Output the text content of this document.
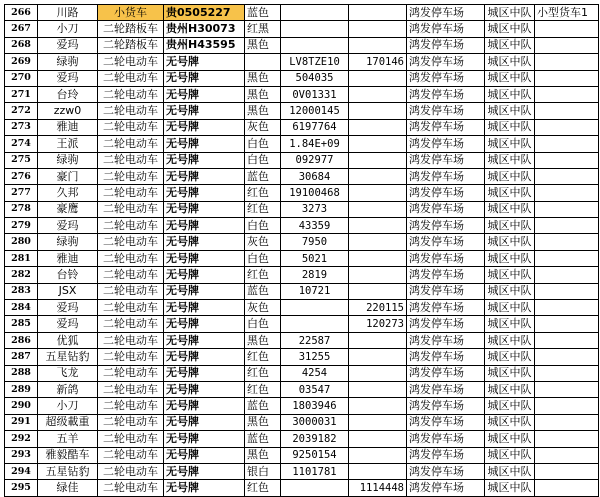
266	川路	小货车	贵0505227	蓝色			鸿发停车场	城区中队	小型货车1
267	小刀	二轮踏板车	贵州H30073	红黑			鸿发停车场	城区中队	
268	爱玛	二轮踏板车	贵州H43595	黑色			鸿发停车场	城区中队	
269	绿驹	二轮电动车	无号牌		LV8TZE10	170146	鸿发停车场	城区中队	
270	爱玛	二轮电动车	无号牌	黑色	504035		鸿发停车场	城区中队	
271	台玲	二轮电动车	无号牌	黑色	0V01331		鸿发停车场	城区中队	
272	zzw0	二轮电动车	无号牌	黑色	12000145		鸿发停车场	城区中队	
273	雅迪	二轮电动车	无号牌	灰色	6197764		鸿发停车场	城区中队	
274	王派	二轮电动车	无号牌	白色	1.84E+09		鸿发停车场	城区中队	
275	绿驹	二轮电动车	无号牌	白色	092977		鸿发停车场	城区中队	
276	豪门	二轮电动车	无号牌	蓝色	30684		鸿发停车场	城区中队	
277	久邦	二轮电动车	无号牌	红色	19100468		鸿发停车场	城区中队	
278	豪鹰	二轮电动车	无号牌	红色	3273		鸿发停车场	城区中队	
279	爱玛	二轮电动车	无号牌	白色	43359		鸿发停车场	城区中队	
280	绿驹	二轮电动车	无号牌	灰色	7950		鸿发停车场	城区中队	
281	雅迪	二轮电动车	无号牌	白色	5021		鸿发停车场	城区中队	
282	台铃	二轮电动车	无号牌	红色	2819		鸿发停车场	城区中队	
283	JSX	二轮电动车	无号牌	蓝色	10721		鸿发停车场	城区中队	
284	爱玛	二轮电动车	无号牌	灰色		220115	鸿发停车场	城区中队	
285	爱玛	二轮电动车	无号牌	白色		120273	鸿发停车场	城区中队	
286	优狐	二轮电动车	无号牌	黑色	22587		鸿发停车场	城区中队	
287	五星钻豹	二轮电动车	无号牌	红色	31255		鸿发停车场	城区中队	
288	飞龙	二轮电动车	无号牌	红色	4254		鸿发停车场	城区中队	
289	新鸽	二轮电动车	无号牌	红色	03547		鸿发停车场	城区中队	
290	小刀	二轮电动车	无号牌	蓝色	1803946		鸿发停车场	城区中队	
291	超级載重	二轮电动车	无号牌	黑色	3000031		鸿发停车场	城区中队	
292	五羊	二轮电动车	无号牌	蓝色	2039182		鸿发停车场	城区中队	
293	雅毅酷车	二轮电动车	无号牌	黑色	9250154		鸿发停车场	城区中队	
294	五星钻豹	二轮电动车	无号牌	银白	1101781		鸿发停车场	城区中队	
295	绿佳	二轮电动车	无号牌	红色		1114448	鸿发停车场	城区中队	
